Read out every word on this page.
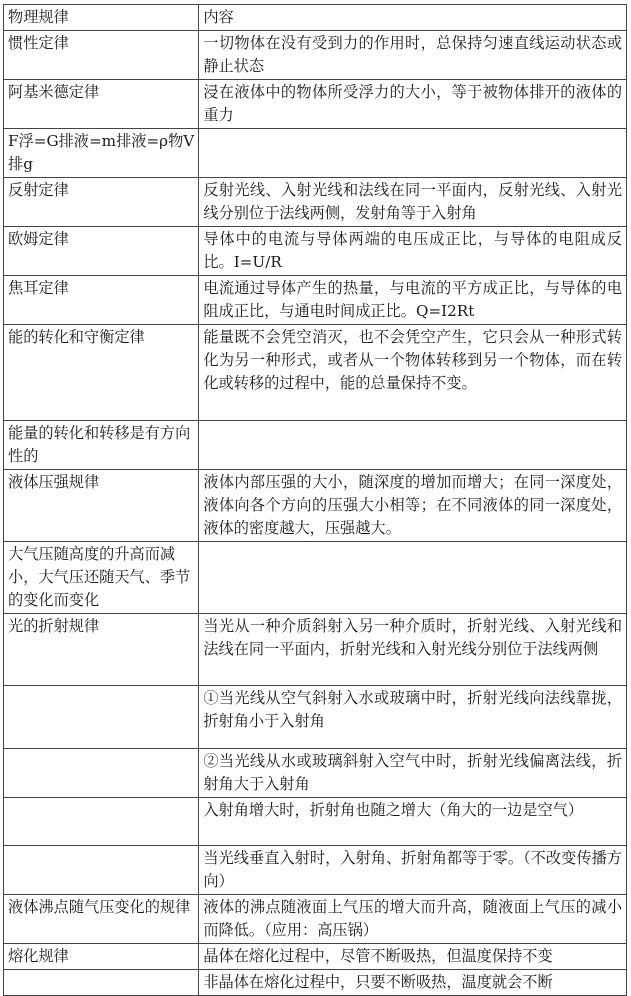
物理规律	内容
惯性定律	一切物体在没有受到力的作用时，总保持匀速直线运动状态或静止状态
阿基米德定律	浸在液体中的物体所受浮力的大小，等于被物体排开的液体的重力
F浮=G排液=m排液=ρ物V排g	
反射定律	反射光线、入射光线和法线在同一平面内，反射光线、入射光线分别位于法线两侧，发射角等于入射角
欧姆定律	导体中的电流与导体两端的电压成正比，与导体的电阻成反比。I=U/R
焦耳定律	电流通过导体产生的热量，与电流的平方成正比，与导体的电阻成正比，与通电时间成正比。Q=I2Rt
能的转化和守衡定律	能量既不会凭空消灭，也不会凭空产生，它只会从一种形式转化为另一种形式，或者从一个物体转移到另一个物体，而在转化或转移的过程中，能的总量保持不变。
能量的转化和转移是有方向性的	
液体压强规律	液体内部压强的大小，随深度的增加而增大；在同一深度处，液体向各个方向的压强大小相等；在不同液体的同一深度处，液体的密度越大，压强越大。
大气压随高度的升高而减小，大气压还随天气、季节的变化而变化	
光的折射规律	当光从一种介质斜射入另一种介质时，折射光线、入射光线和法线在同一平面内，折射光线和入射光线分别位于法线两侧
	①当光线从空气斜射入水或玻璃中时，折射光线向法线靠拢，折射角小于入射角
	②当光线从水或玻璃斜射入空气中时，折射光线偏离法线，折射角大于入射角
	入射角增大时，折射角也随之增大（角大的一边是空气）
	当光线垂直入射时，入射角、折射角都等于零。（不改变传播方向）
液体沸点随气压变化的规律	液体的沸点随液面上气压的增大而升高，随液面上气压的减小而降低。（应用：高压锅）
熔化规律	晶体在熔化过程中，尽管不断吸热，但温度保持不变
	非晶体在熔化过程中，只要不断吸热，温度就会不断
